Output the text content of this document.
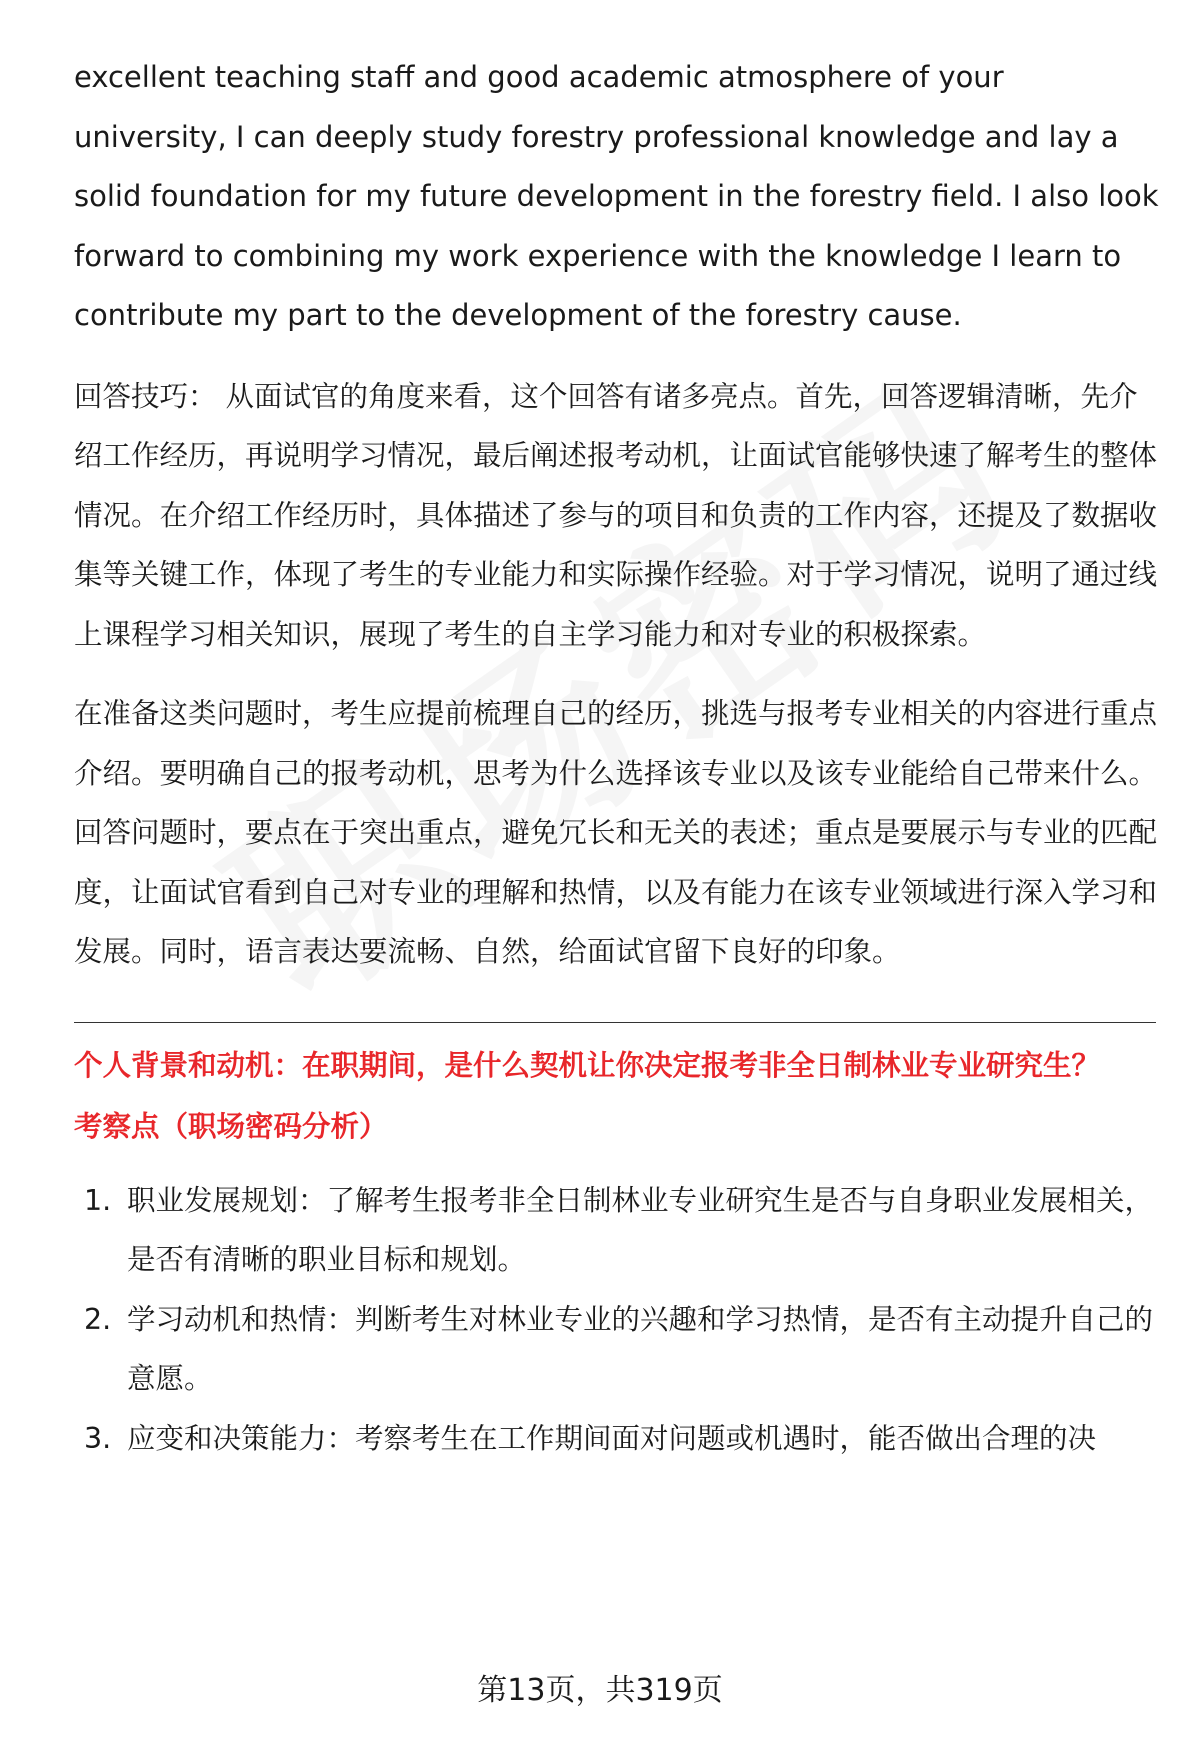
excellent teaching staff and good academic atmosphere of your university, I can deeply study forestry professional knowledge and lay a solid foundation for my future development in the forestry field. I also look forward to combining my work experience with the knowledge I learn to contribute my part to the development of the forestry cause.

回答技巧： 从面试官的角度来看，这个回答有诸多亮点。首先，回答逻辑清晰，先介绍工作经历，再说明学习情况，最后阐述报考动机，让面试官能够快速了解考生的整体情况。在介绍工作经历时，具体描述了参与的项目和负责的工作内容，还提及了数据收集等关键工作，体现了考生的专业能力和实际操作经验。对于学习情况，说明了通过线上课程学习相关知识，展现了考生的自主学习能力和对专业的积极探索。

在准备这类问题时，考生应提前梳理自己的经历，挑选与报考专业相关的内容进行重点介绍。要明确自己的报考动机，思考为什么选择该专业以及该专业能给自己带来什么。回答问题时，要点在于突出重点，避免冗长和无关的表述；重点是要展示与专业的匹配度，让面试官看到自己对专业的理解和热情，以及有能力在该专业领域进行深入学习和发展。同时，语言表达要流畅、自然，给面试官留下良好的印象。

个人背景和动机：在职期间，是什么契机让你决定报考非全日制林业专业研究生？

考察点（职场密码分析）

1. 职业发展规划：了解考生报考非全日制林业专业研究生是否与自身职业发展相关，是否有清晰的职业目标和规划。
2. 学习动机和热情：判断考生对林业专业的兴趣和学习热情，是否有主动提升自己的意愿。
3. 应变和决策能力：考察考生在工作期间面对问题或机遇时，能否做出合理的决
第13页，共319页
